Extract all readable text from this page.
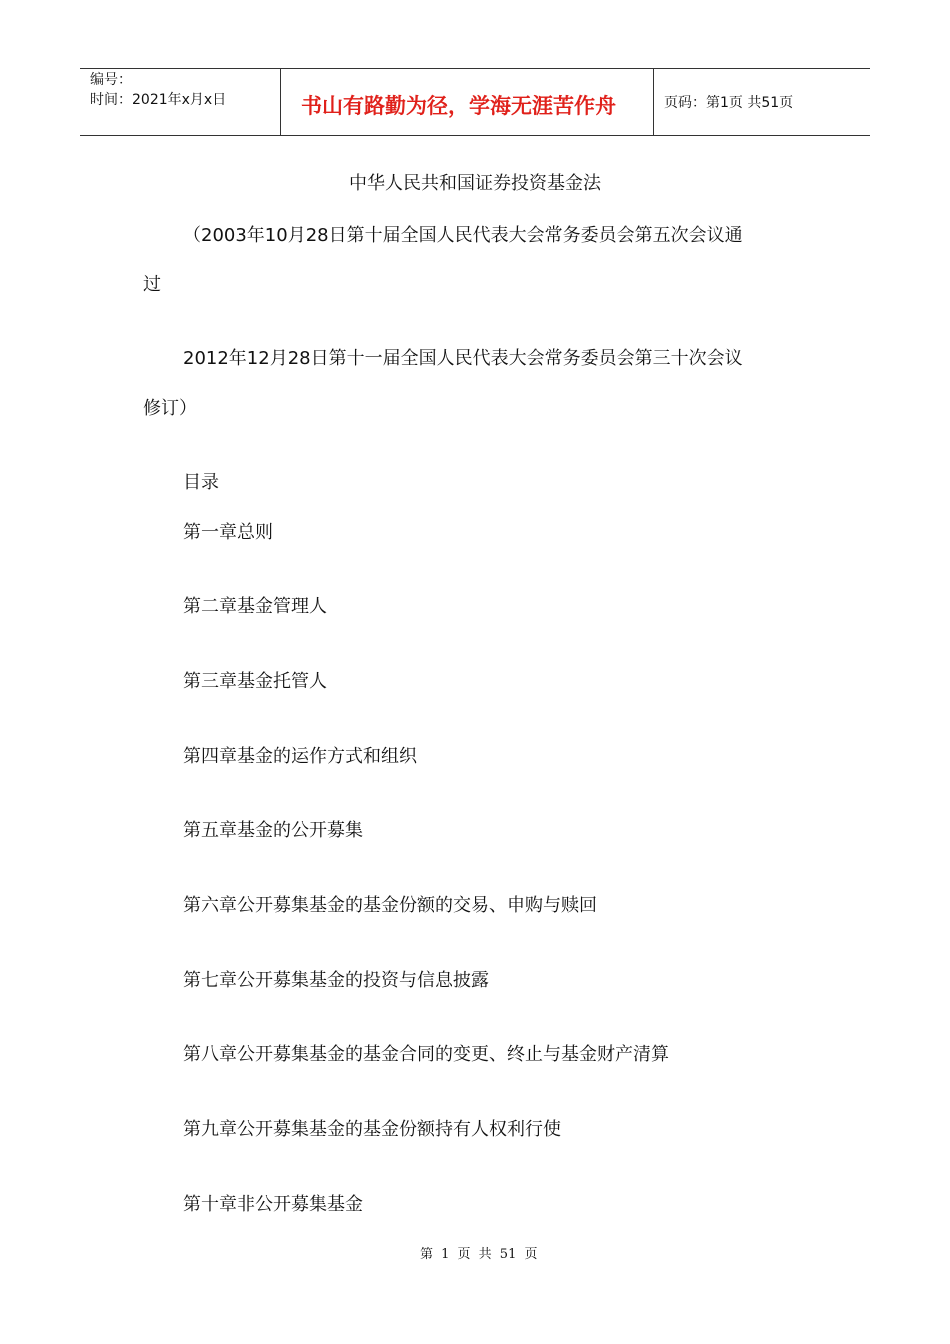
编号：
时间：2021年x月x日	书山有路勤为径，学海无涯苦作舟	页码：第1页 共51页
中华人民共和国证券投资基金法
（2003年10月28日第十届全国人民代表大会常务委员会第五次会议通
过
2012年12月28日第十一届全国人民代表大会常务委员会第三十次会议
修订）
目录
第一章总则
第二章基金管理人
第三章基金托管人
第四章基金的运作方式和组织
第五章基金的公开募集
第六章公开募集基金的基金份额的交易、申购与赎回
第七章公开募集基金的投资与信息披露
第八章公开募集基金的基金合同的变更、终止与基金财产清算
第九章公开募集基金的基金份额持有人权利行使
第十章非公开募集基金
第 1 页 共 51 页
